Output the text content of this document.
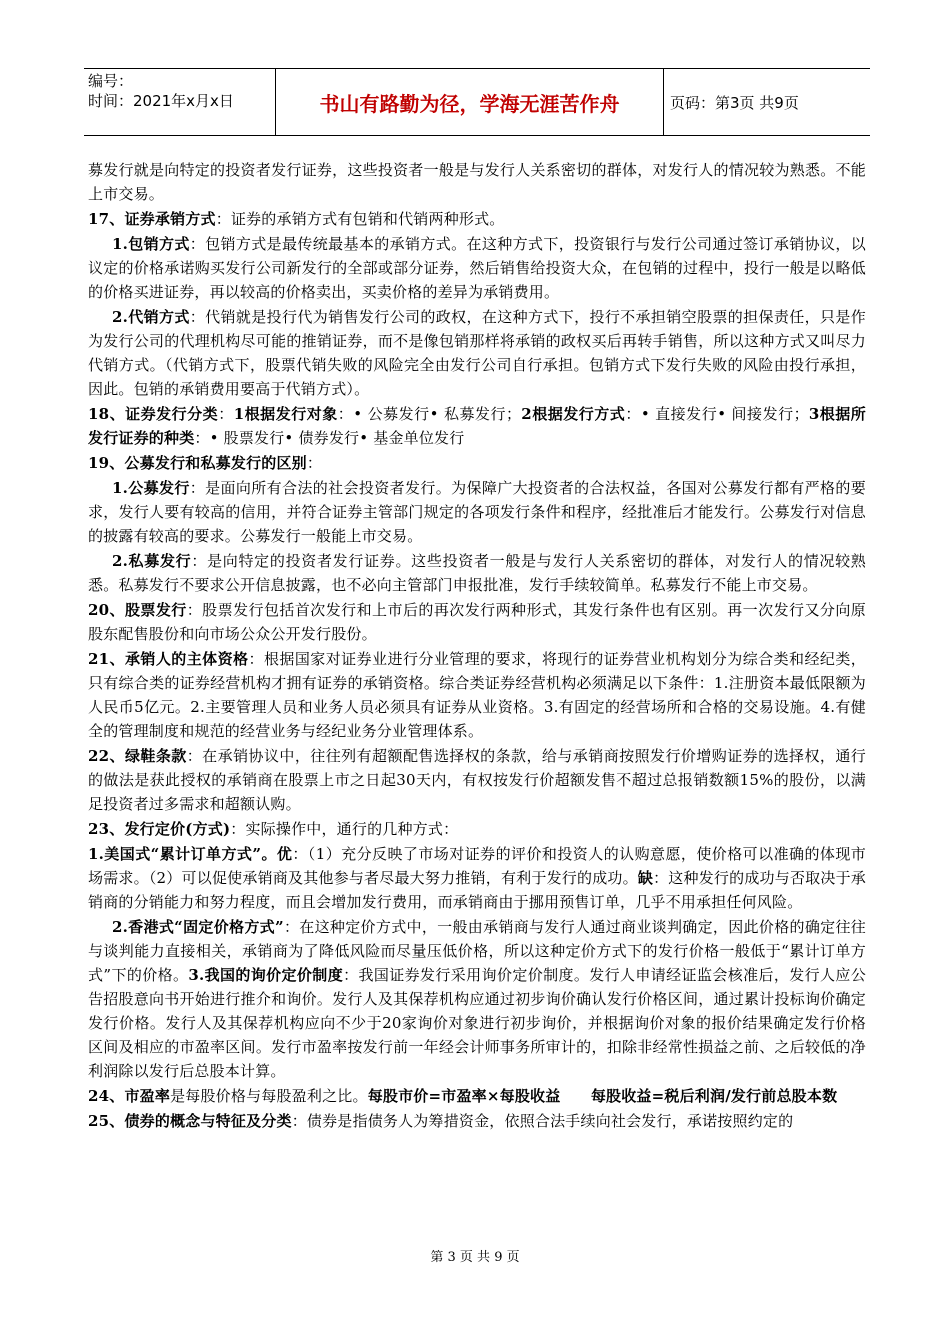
编号：
时间：2021年x月x日	书山有路勤为径，学海无涯苦作舟	页码：第3页 共9页

募发行就是向特定的投资者发行证券，这些投资者一般是与发行人关系密切的群体，对发行人的情况较为熟悉。不能上市交易。

17、证券承销方式：证券的承销方式有包销和代销两种形式。

1.包销方式：包销方式是最传统最基本的承销方式。在这种方式下，投资银行与发行公司通过签订承销协议，以议定的价格承诺购买发行公司新发行的全部或部分证券，然后销售给投资大众，在包销的过程中，投行一般是以略低的价格买进证券，再以较高的价格卖出，买卖价格的差异为承销费用。

2.代销方式：代销就是投行代为销售发行公司的政权，在这种方式下，投行不承担销空股票的担保责任，只是作为发行公司的代理机构尽可能的推销证券，而不是像包销那样将承销的政权买后再转手销售，所以这种方式又叫尽力代销方式。（代销方式下，股票代销失败的风险完全由发行公司自行承担。包销方式下发行失败的风险由投行承担，因此。包销的承销费用要高于代销方式）。

18、证券发行分类：1根据发行对象：• 公募发行• 私募发行；2根据发行方式：• 直接发行• 间接发行；3根据所发行证券的种类：• 股票发行• 债券发行• 基金单位发行

19、公募发行和私募发行的区别：

1.公募发行：是面向所有合法的社会投资者发行。为保障广大投资者的合法权益，各国对公募发行都有严格的要求，发行人要有较高的信用，并符合证券主管部门规定的各项发行条件和程序，经批准后才能发行。公募发行对信息的披露有较高的要求。公募发行一般能上市交易。

2.私募发行：是向特定的投资者发行证券。这些投资者一般是与发行人关系密切的群体，对发行人的情况较熟悉。私募发行不要求公开信息披露，也不必向主管部门申报批准，发行手续较简单。私募发行不能上市交易。

20、股票发行：股票发行包括首次发行和上市后的再次发行两种形式，其发行条件也有区别。再一次发行又分向原股东配售股份和向市场公众公开发行股份。

21、承销人的主体资格：根据国家对证券业进行分业管理的要求，将现行的证券营业机构划分为综合类和经纪类，只有综合类的证券经营机构才拥有证券的承销资格。综合类证券经营机构必须满足以下条件：1.注册资本最低限额为人民币5亿元。2.主要管理人员和业务人员必须具有证券从业资格。3.有固定的经营场所和合格的交易设施。4.有健全的管理制度和规范的经营业务与经纪业务分业管理体系。

22、绿鞋条款：在承销协议中，往往列有超额配售选择权的条款，给与承销商按照发行价增购证券的选择权，通行的做法是获此授权的承销商在股票上市之日起30天内，有权按发行价超额发售不超过总报销数额15%的股份，以满足投资者过多需求和超额认购。

23、发行定价(方式)：实际操作中，通行的几种方式：

1.美国式“累计订单方式”。优：（1）充分反映了市场对证券的评价和投资人的认购意愿，使价格可以准确的体现市场需求。（2）可以促使承销商及其他参与者尽最大努力推销，有利于发行的成功。缺：这种发行的成功与否取决于承销商的分销能力和努力程度，而且会增加发行费用，而承销商由于挪用预售订单，几乎不用承担任何风险。

2.香港式“固定价格方式”：在这种定价方式中，一般由承销商与发行人通过商业谈判确定，因此价格的确定往往与谈判能力直接相关，承销商为了降低风险而尽量压低价格，所以这种定价方式下的发行价格一般低于“累计订单方式”下的价格。3.我国的询价定价制度：我国证券发行采用询价定价制度。发行人申请经证监会核准后，发行人应公告招股意向书开始进行推介和询价。发行人及其保荐机构应通过初步询价确认发行价格区间，通过累计投标询价确定发行价格。发行人及其保荐机构应向不少于20家询价对象进行初步询价，并根据询价对象的报价结果确定发行价格区间及相应的市盈率区间。发行市盈率按发行前一年经会计师事务所审计的，扣除非经常性损益之前、之后较低的净利润除以发行后总股本计算。

24、市盈率是每股价格与每股盈利之比。每股市价=市盈率×每股收益　　每股收益=税后利润/发行前总股本数

25、债券的概念与特征及分类：债券是指债务人为筹措资金，依照合法手续向社会发行，承诺按照约定的

第 3 页 共 9 页
